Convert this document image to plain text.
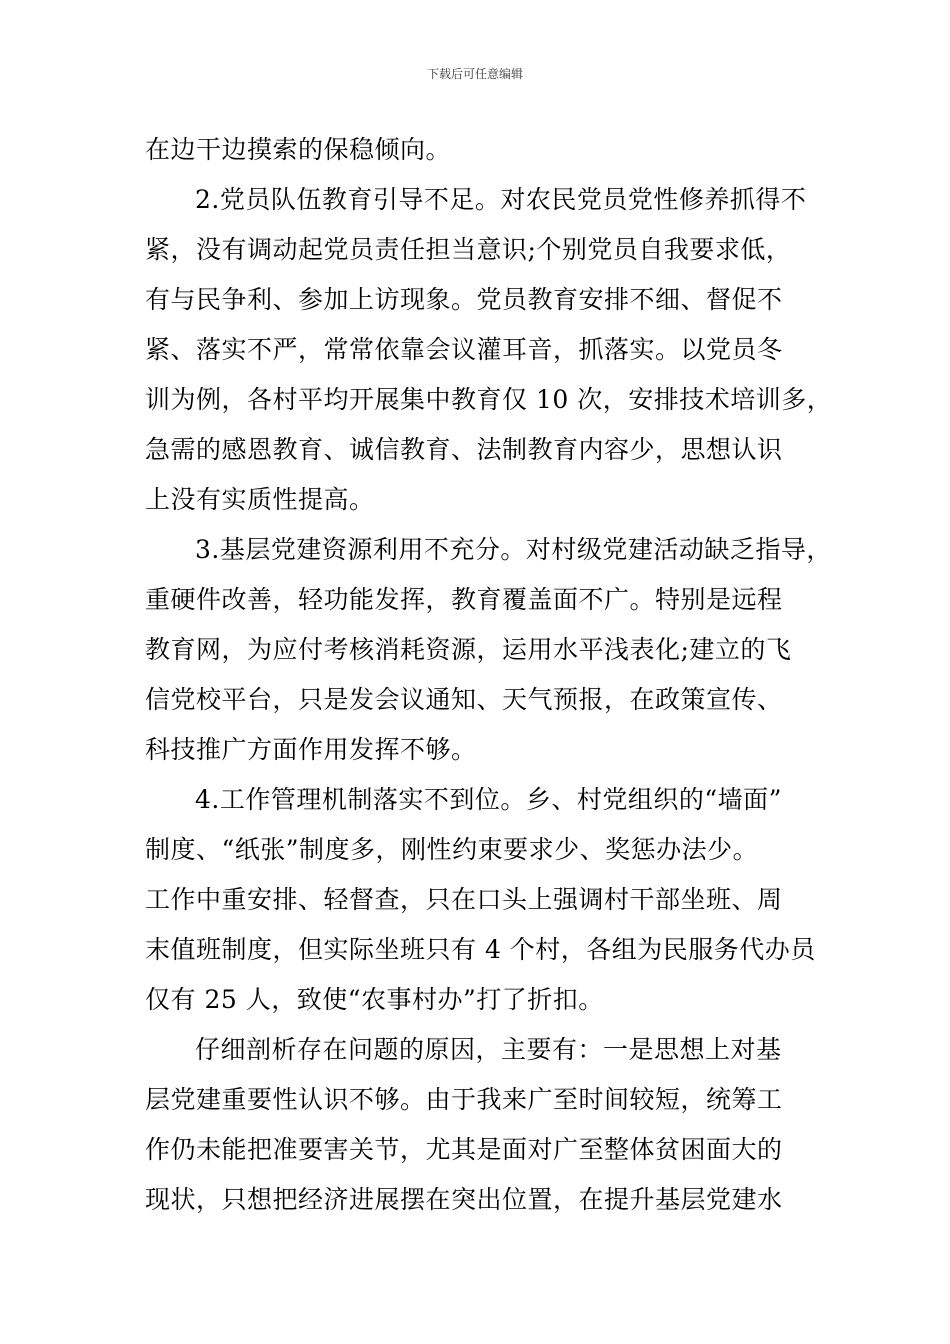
下载后可任意编辑
在边干边摸索的保稳倾向。
2.党员队伍教育引导不足。对农民党员党性修养抓得不
紧，没有调动起党员责任担当意识;个别党员自我要求低，
有与民争利、参加上访现象。党员教育安排不细、督促不
紧、落实不严，常常依靠会议灌耳音，抓落实。以党员冬
训为例，各村平均开展集中教育仅 10 次，安排技术培训多，
急需的感恩教育、诚信教育、法制教育内容少，思想认识
上没有实质性提高。
3.基层党建资源利用不充分。对村级党建活动缺乏指导，
重硬件改善，轻功能发挥，教育覆盖面不广。特别是远程
教育网，为应付考核消耗资源，运用水平浅表化;建立的飞
信党校平台，只是发会议通知、天气预报，在政策宣传、
科技推广方面作用发挥不够。
4.工作管理机制落实不到位。乡、村党组织的“墙面”
制度、“纸张”制度多，刚性约束要求少、奖惩办法少。
工作中重安排、轻督查，只在口头上强调村干部坐班、周
末值班制度，但实际坐班只有 4 个村，各组为民服务代办员
仅有 25 人，致使“农事村办”打了折扣。
仔细剖析存在问题的原因，主要有：一是思想上对基
层党建重要性认识不够。由于我来广至时间较短，统筹工
作仍未能把准要害关节，尤其是面对广至整体贫困面大的
现状，只想把经济进展摆在突出位置，在提升基层党建水
